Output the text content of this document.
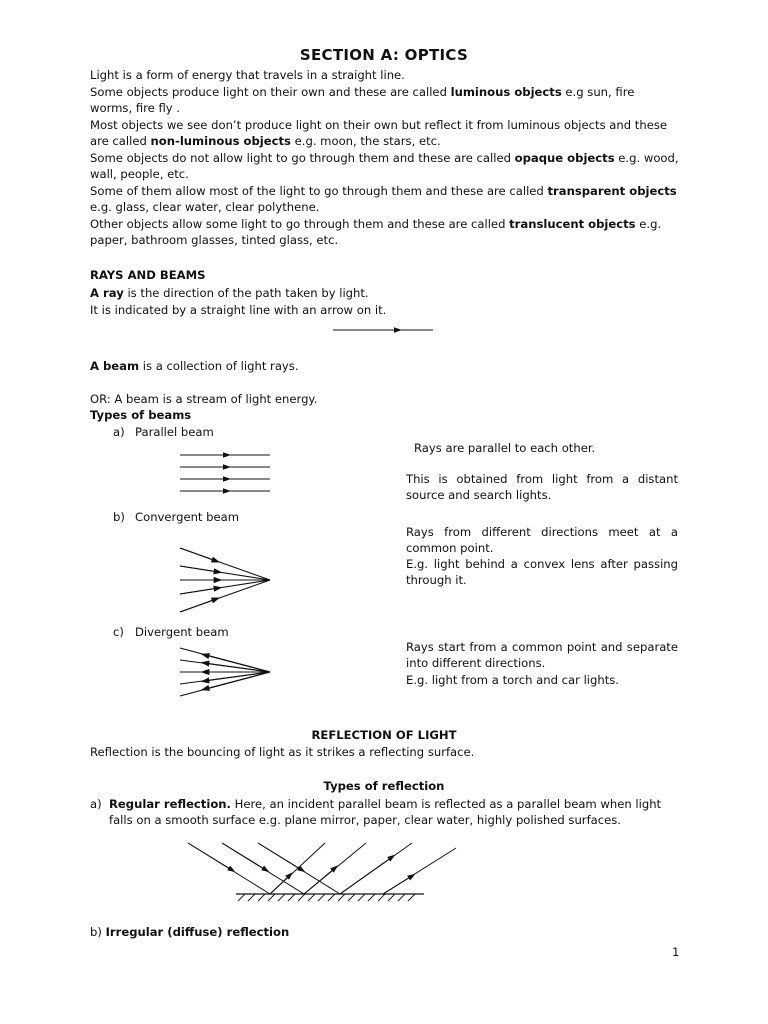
SECTION A: OPTICS
Light is a form of energy that travels in a straight line.
Some objects produce light on their own and these are called luminous objects e.g sun, fire worms, fire fly .
Most objects we see don’t produce light on their own but reflect it from luminous objects and these are called non-luminous objects e.g. moon, the stars, etc.
Some objects do not allow light to go through them and these are called opaque objects e.g. wood, wall, people, etc.
Some of them allow most of the light to go through them and these are called transparent objects e.g. glass, clear water, clear polythene.
Other objects allow some light to go through them and these are called translucent objects e.g. paper, bathroom glasses, tinted glass, etc.
RAYS AND BEAMS
A ray is the direction of the path taken by light.
It is indicated by a straight line with an arrow on it.
A beam is a collection of light rays.
OR: A beam is a stream of light energy.
Types of beams
a) Parallel beam
Rays are parallel to each other.
This is obtained from light from a distant source and search lights.
b) Convergent beam
Rays from different directions meet at a common point.
E.g. light behind a convex lens after passing through it.
c) Divergent beam
Rays start from a common point and separate into different directions.
E.g. light from a torch and car lights.
REFLECTION OF LIGHT
Reflection is the bouncing of light as it strikes a reflecting surface.
Types of reflection
a) Regular reflection. Here, an incident parallel beam is reflected as a parallel beam when light falls on a smooth surface e.g. plane mirror, paper, clear water, highly polished surfaces.
b) Irregular (diffuse) reflection
1
